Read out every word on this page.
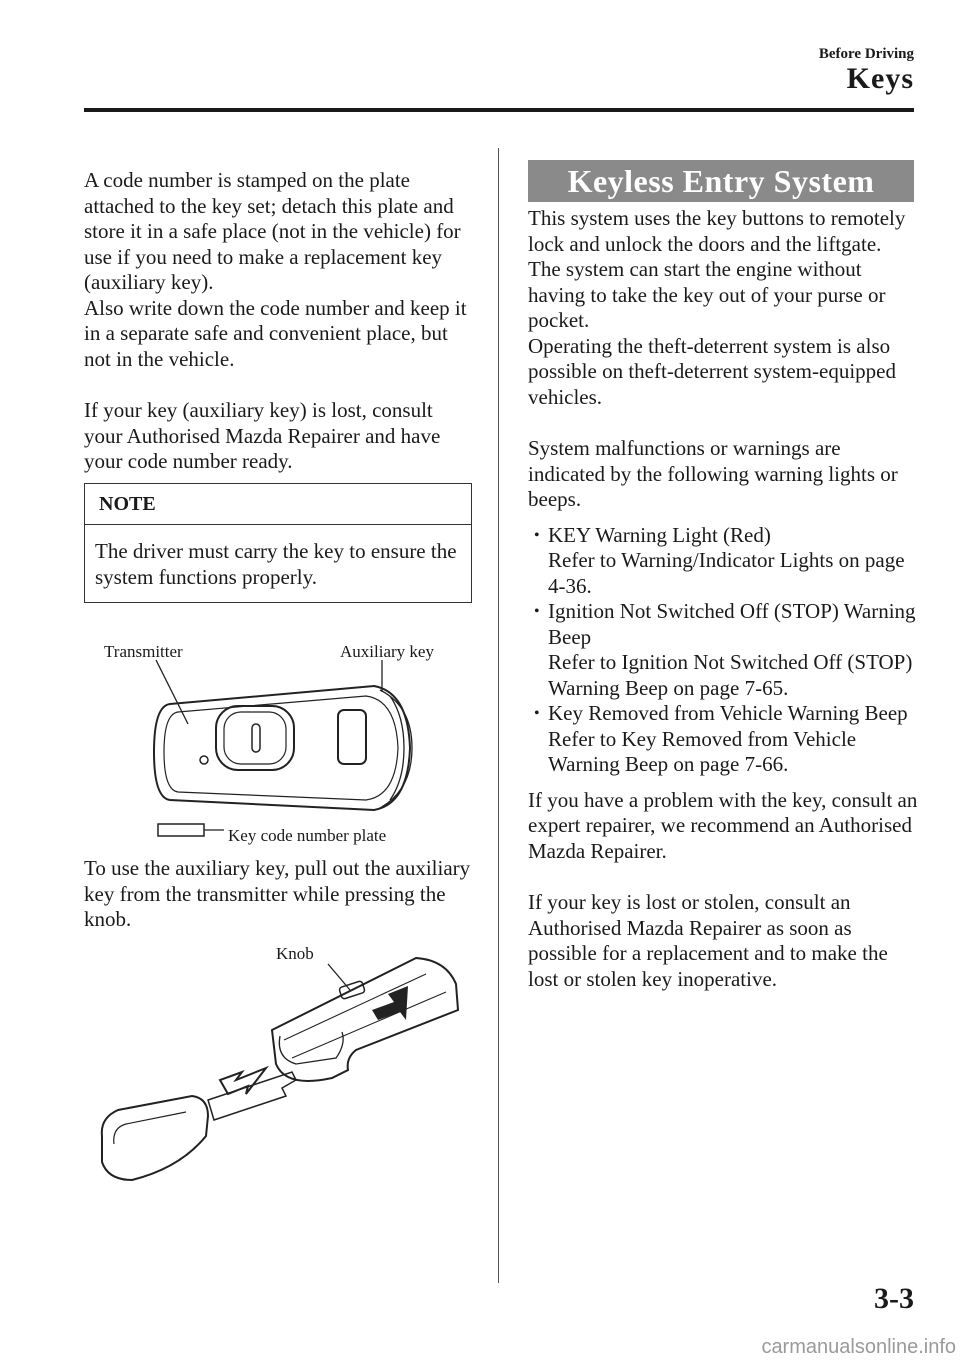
Before Driving
Keys

A code number is stamped on the plate attached to the key set; detach this plate and store it in a safe place (not in the vehicle) for use if you need to make a replacement key (auxiliary key).

Also write down the code number and keep it in a separate safe and convenient place, but not in the vehicle.

If your key (auxiliary key) is lost, consult your Authorised Mazda Repairer and have your code number ready.

NOTE
The driver must carry the key to ensure the system functions properly.
Transmitter	Auxiliary key
Key code number plate
To use the auxiliary key, pull out the auxiliary key from the transmitter while pressing the knob.
Knob
Keyless Entry System

This system uses the key buttons to remotely lock and unlock the doors and the liftgate.

The system can start the engine without having to take the key out of your purse or pocket.

Operating the theft-deterrent system is also possible on theft-deterrent system-equipped vehicles.

System malfunctions or warnings are indicated by the following warning lights or beeps.

• KEY Warning Light (Red)
Refer to Warning/Indicator Lights on page 4-36.
• Ignition Not Switched Off (STOP) Warning Beep
Refer to Ignition Not Switched Off (STOP) Warning Beep on page 7-65.
• Key Removed from Vehicle Warning Beep
Refer to Key Removed from Vehicle Warning Beep on page 7-66.

If you have a problem with the key, consult an expert repairer, we recommend an Authorised Mazda Repairer.

If your key is lost or stolen, consult an Authorised Mazda Repairer as soon as possible for a replacement and to make the lost or stolen key inoperative.

3-3
carmanualsonline.info
